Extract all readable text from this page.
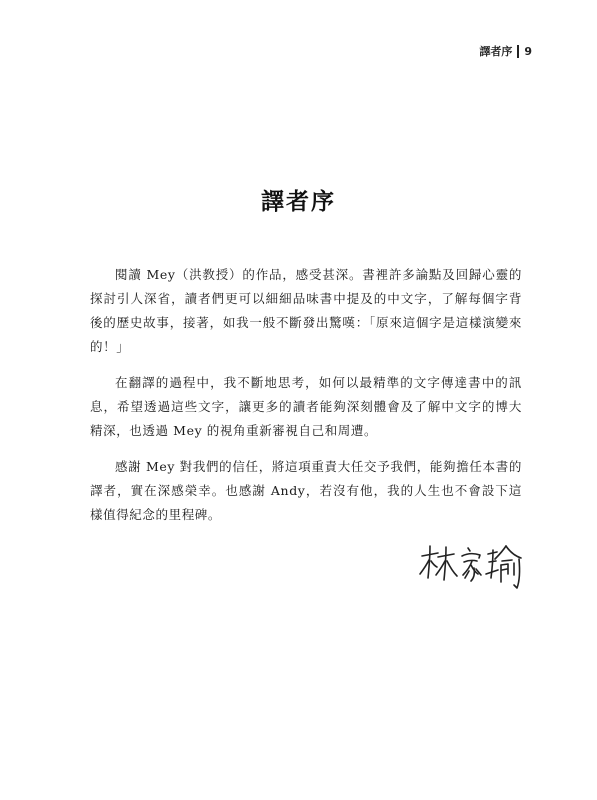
譯者序 9
譯者序

閱讀 Mey（洪教授）的作品，感受甚深。書裡許多論點及回歸心靈的探討引人深省，讀者們更可以細細品味書中提及的中文字，了解每個字背後的歷史故事，接著，如我一般不斷發出驚嘆：「原來這個字是這樣演變來的！」

在翻譯的過程中，我不斷地思考，如何以最精準的文字傳達書中的訊息，希望透過這些文字，讓更多的讀者能夠深刻體會及了解中文字的博大精深，也透過 Mey 的視角重新審視自己和周遭。

感謝 Mey 對我們的信任，將這項重責大任交予我們，能夠擔任本書的譯者，實在深感榮幸。也感謝 Andy，若沒有他，我的人生也不會設下這樣值得紀念的里程碑。
